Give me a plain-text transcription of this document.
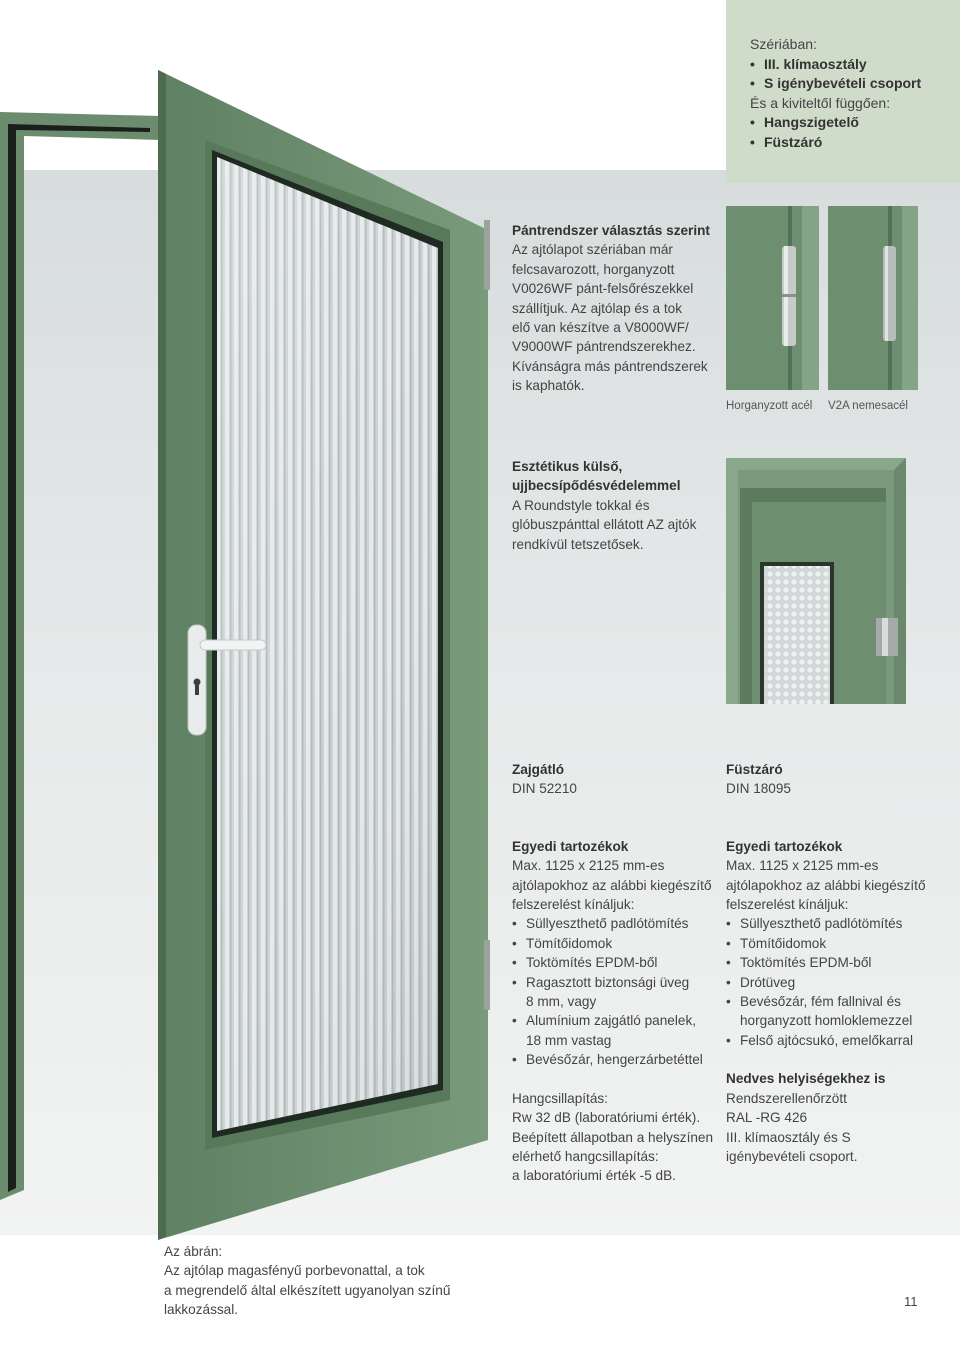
Szériában:
• III. klímaosztály
• S igénybevételi csoport
És a kiviteltől függően:
• Hangszigetelő
• Füstzáró
Pántrendszer választás szerint
Az ajtólapot szériában már
felcsavarozott, horganyzott
V0026WF pánt-felsőrészekkel
szállítjuk. Az ajtólap és a tok
elő van készítve a V8000WF/
V9000WF pántrendszerekhez.
Kívánságra más pántrendszerek
is kaphatók.
Horganyzott acél V2A nemesacél
Esztétikus külső,
ujjbecsípődésvédelemmel
A Roundstyle tokkal és
glóbuszpánttal ellátott AZ ajtók
rendkívül tetszetősek.
Zajgátló
DIN 52210
Egyedi tartozékok
Max. 1125 x 2125 mm-es
ajtólapokhoz az alábbi kiegészítő
felszerelést kínáljuk:
• Süllyeszthető padlótömítés
• Tömítőidomok
• Toktömítés EPDM-ből
• Ragasztott biztonsági üveg
8 mm, vagy
• Alumínium zajgátló panelek,
18 mm vastag
• Bevésőzár, hengerzárbetéttel
Hangcsillapítás:
Rw 32 dB (laboratóriumi érték).
Beépített állapotban a helyszínen
elérhető hangcsillapítás:
a laboratóriumi érték -5 dB.
Füstzáró
DIN 18095
Egyedi tartozékok
Max. 1125 x 2125 mm-es
ajtólapokhoz az alábbi kiegészítő
felszerelést kínáljuk:
• Süllyeszthető padlótömítés
• Tömítőidomok
• Toktömítés EPDM-ből
• Drótüveg
• Bevésőzár, fém fallnival és
horganyzott homloklemezzel
• Felső ajtócsukó, emelőkarral
Nedves helyiségekhez is
Rendszerellenőrzött
RAL -RG 426
III. klímaosztály és S
igénybevételi csoport.
Az ábrán:
Az ajtólap magasfényű porbevonattal, a tok
a megrendelő által elkészített ugyanolyan színű
lakkozással.
11
